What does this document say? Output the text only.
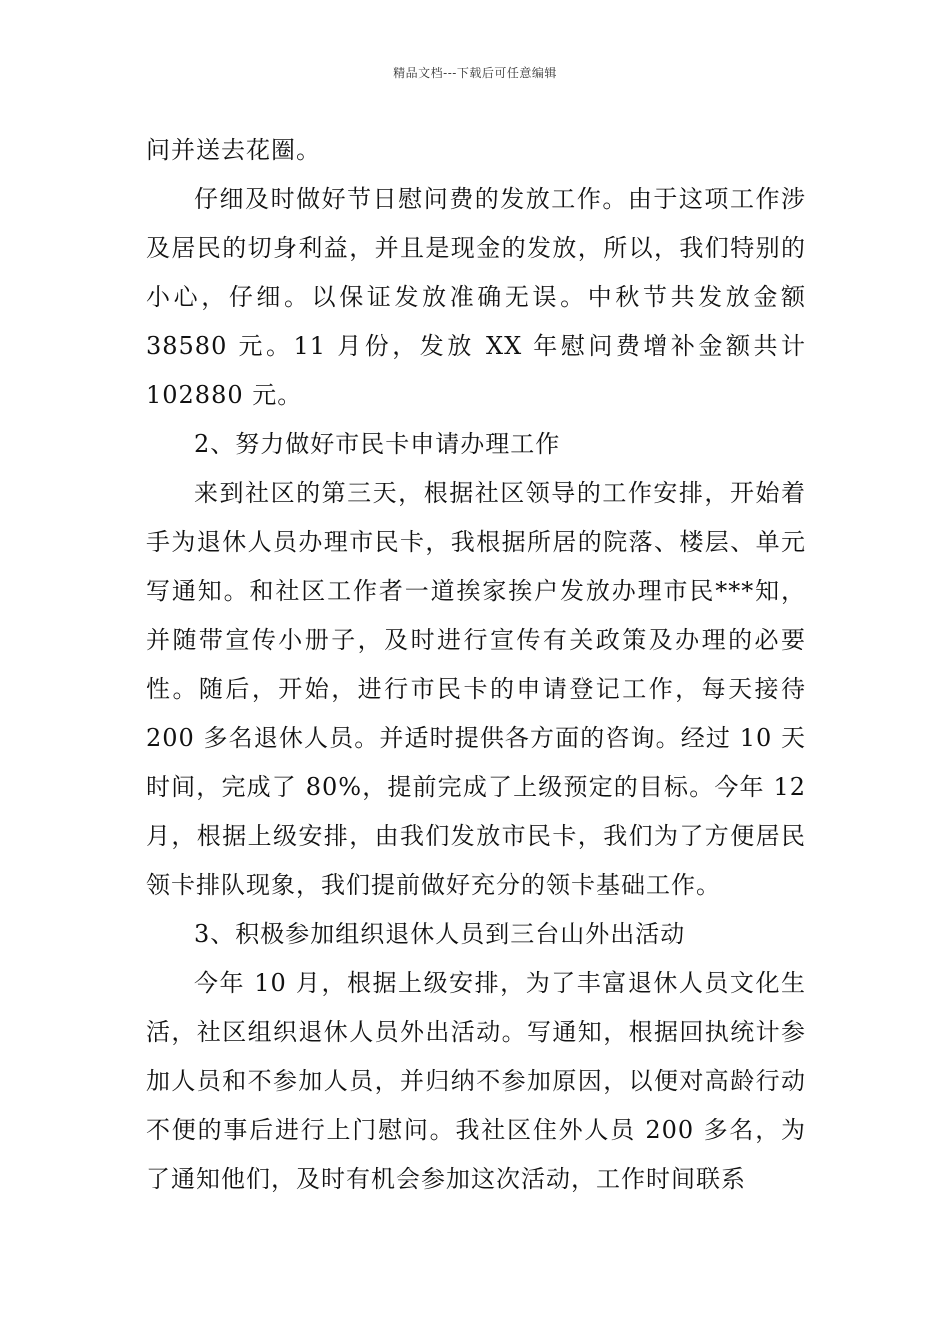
精品文档---下载后可任意编辑

问并送去花圈。

仔细及时做好节日慰问费的发放工作。由于这项工作涉及居民的切身利益，并且是现金的发放，所以，我们特别的小心，仔细。以保证发放准确无误。中秋节共发放金额 38580 元。11 月份，发放 XX 年慰问费增补金额共计 102880 元。

2、努力做好市民卡申请办理工作

来到社区的第三天，根据社区领导的工作安排，开始着手为退休人员办理市民卡，我根据所居的院落、楼层、单元写通知。和社区工作者一道挨家挨户发放办理市民***知，并随带宣传小册子，及时进行宣传有关政策及办理的必要性。随后，开始，进行市民卡的申请登记工作，每天接待 200 多名退休人员。并适时提供各方面的咨询。经过 10 天时间，完成了 80%，提前完成了上级预定的目标。今年 12 月，根据上级安排，由我们发放市民卡，我们为了方便居民领卡排队现象，我们提前做好充分的领卡基础工作。

3、积极参加组织退休人员到三台山外出活动

今年 10 月，根据上级安排，为了丰富退休人员文化生活，社区组织退休人员外出活动。写通知，根据回执统计参加人员和不参加人员，并归纳不参加原因，以便对高龄行动不便的事后进行上门慰问。我社区住外人员 200 多名，为了通知他们，及时有机会参加这次活动，工作时间联系
